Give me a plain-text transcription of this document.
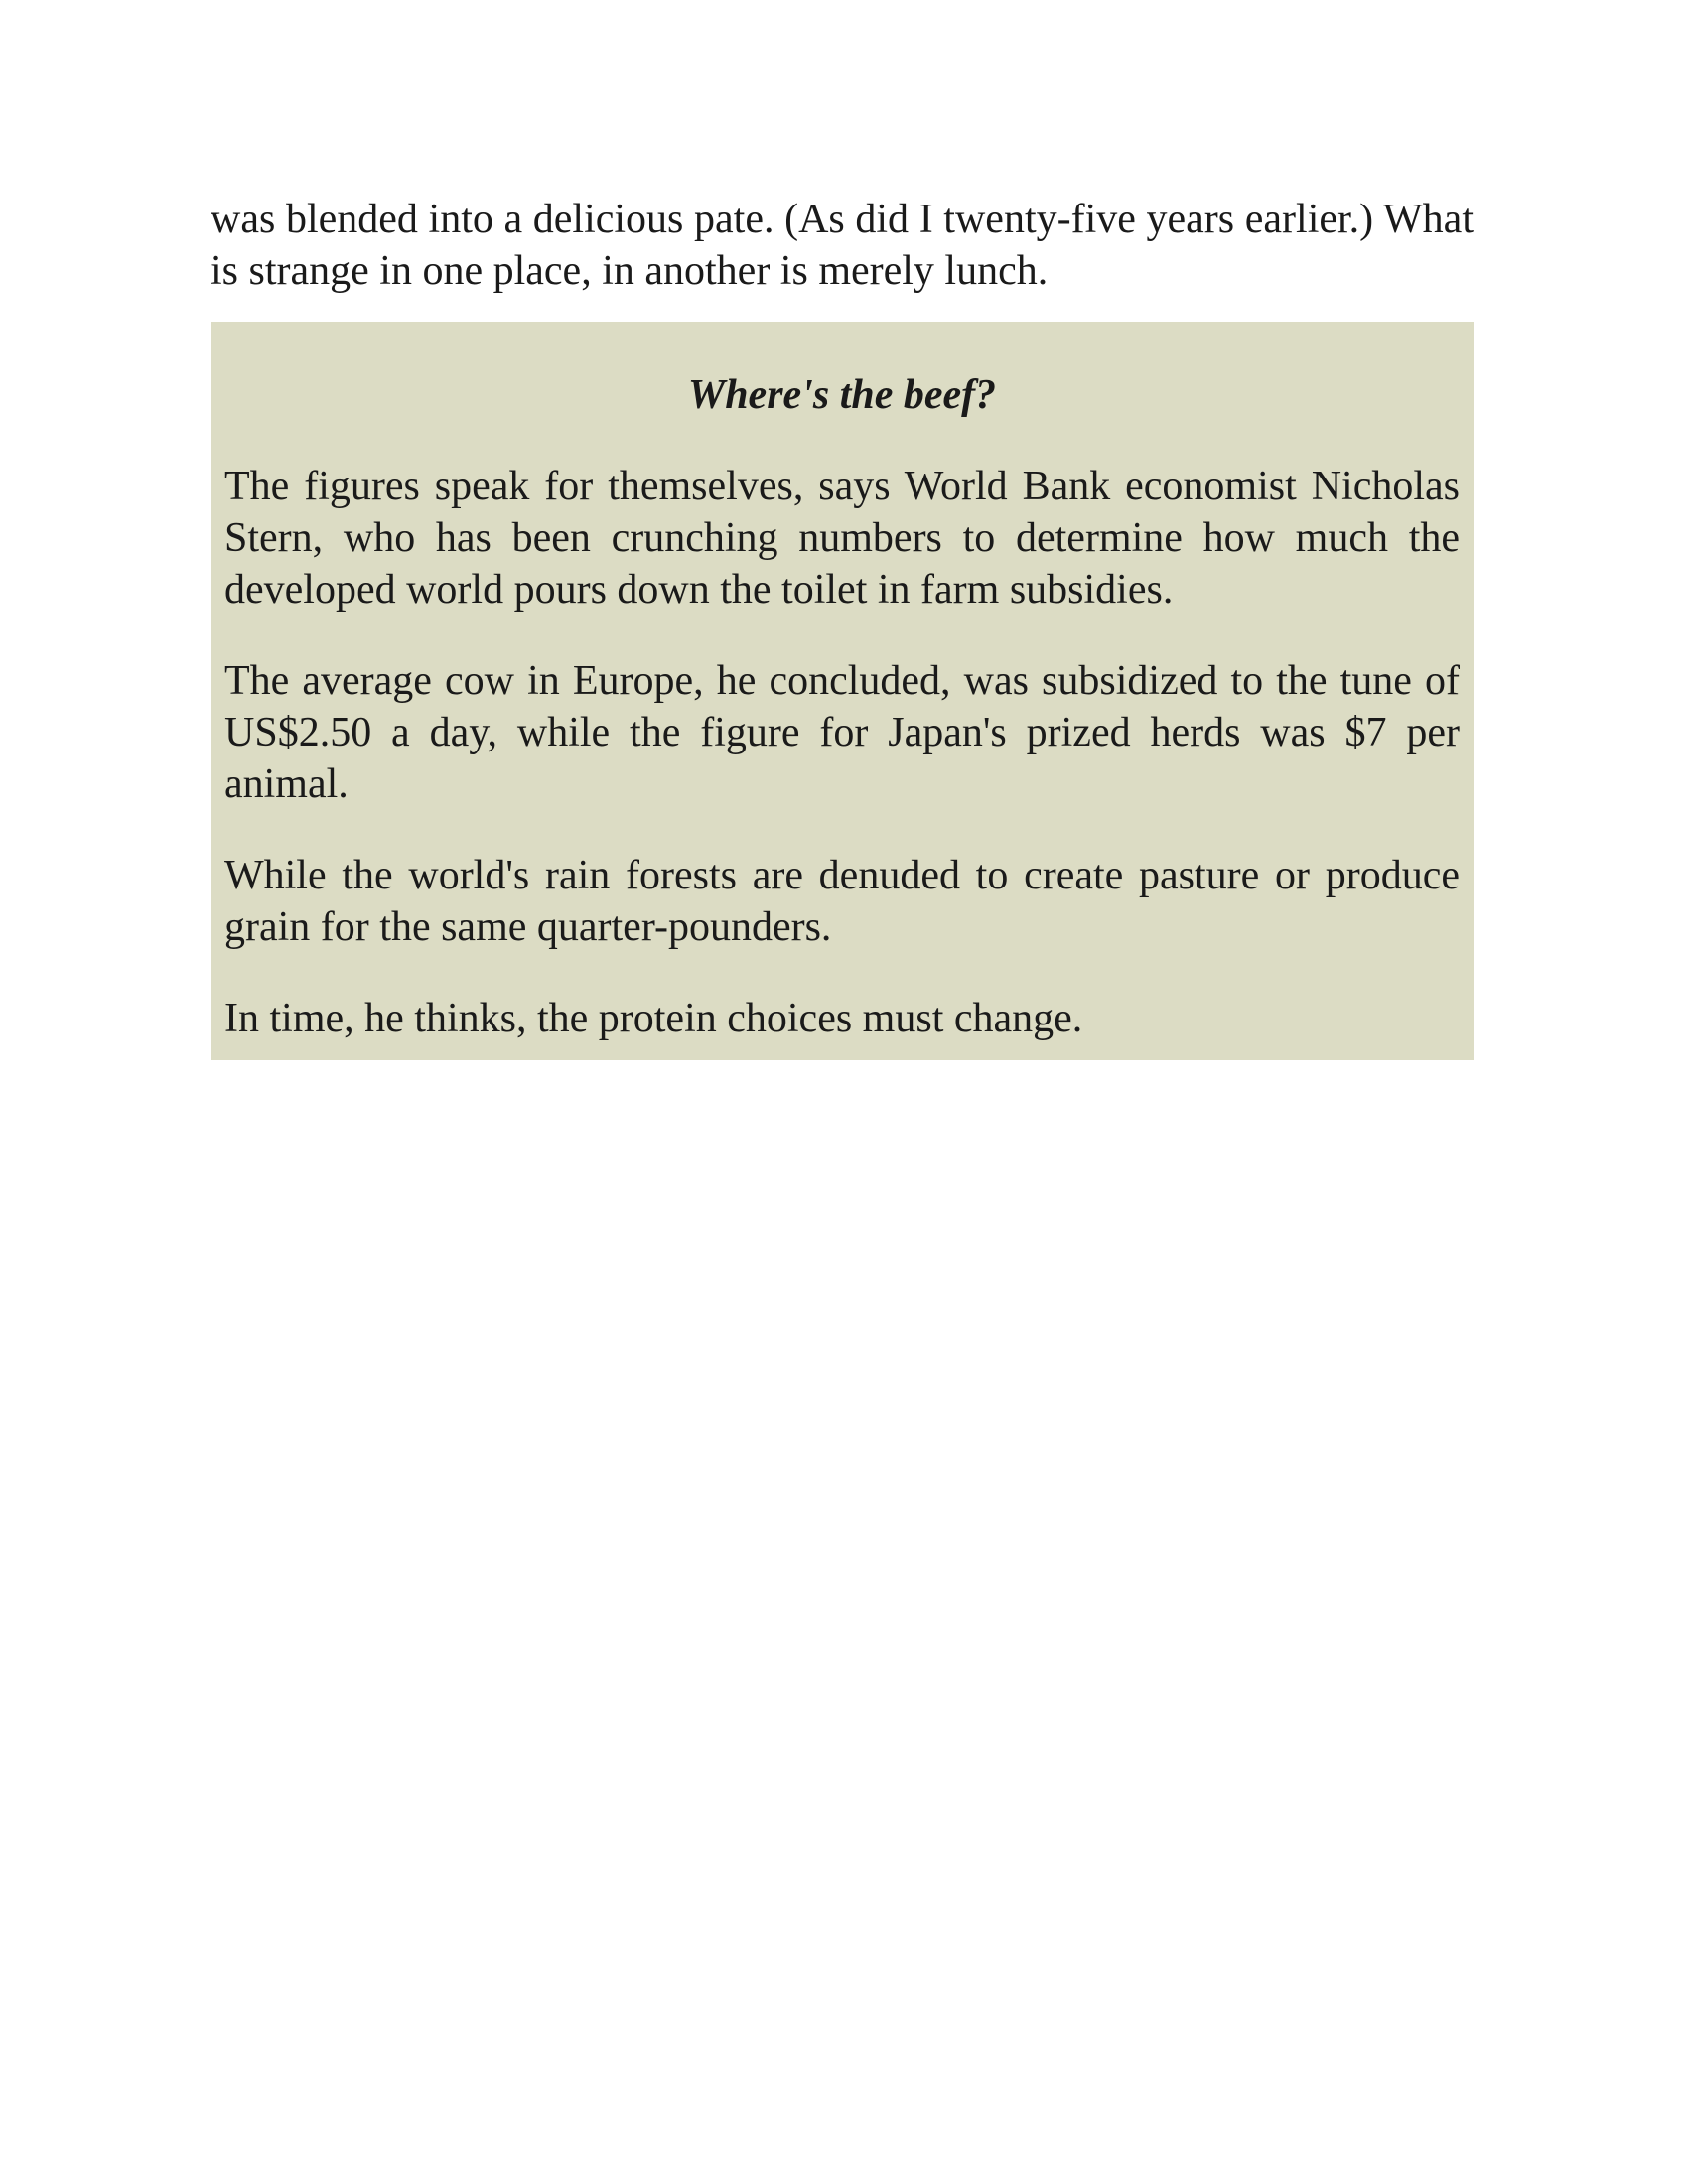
was blended into a delicious pate. (As did I twenty-five years earlier.) What is strange in one place, in another is merely lunch.

Where's the beef?

The figures speak for themselves, says World Bank economist Nicholas Stern, who has been crunching numbers to determine how much the developed world pours down the toilet in farm subsidies.

The average cow in Europe, he concluded, was subsidized to the tune of US$2.50 a day, while the figure for Japan's prized herds was $7 per animal.

While the world's rain forests are denuded to create pasture or produce grain for the same quarter-pounders.

In time, he thinks, the protein choices must change.
